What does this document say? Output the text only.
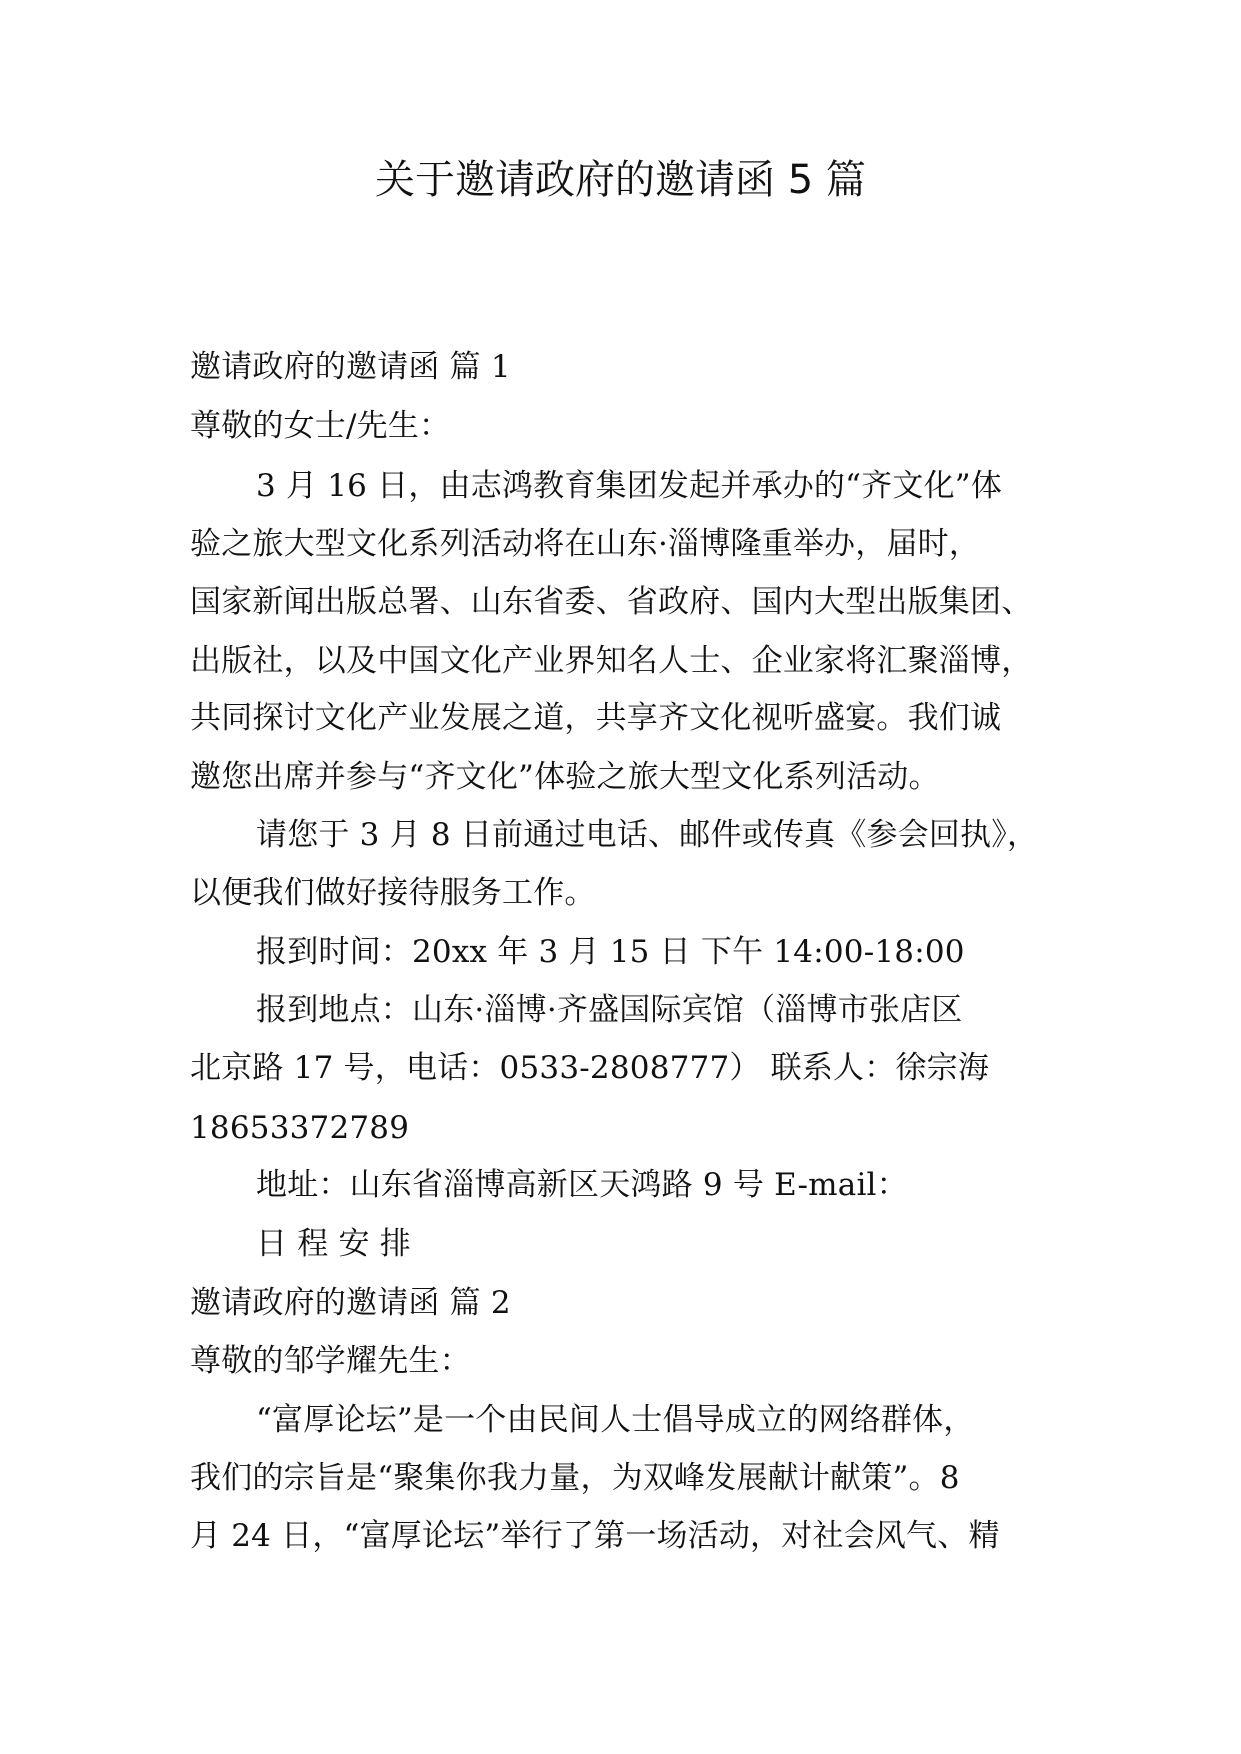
关于邀请政府的邀请函 5 篇
邀请政府的邀请函 篇 1
尊敬的女士/先生：
3 月 16 日，由志鸿教育集团发起并承办的“齐文化”体
验之旅大型文化系列活动将在山东·淄博隆重举办，届时，
国家新闻出版总署、山东省委、省政府、国内大型出版集团、
出版社，以及中国文化产业界知名人士、企业家将汇聚淄博，
共同探讨文化产业发展之道，共享齐文化视听盛宴。我们诚
邀您出席并参与“齐文化”体验之旅大型文化系列活动。
请您于 3 月 8 日前通过电话、邮件或传真《参会回执》，
以便我们做好接待服务工作。
报到时间：20xx 年 3 月 15 日 下午 14:00-18:00
报到地点：山东·淄博·齐盛国际宾馆（淄博市张店区
北京路 17 号，电话：0533-2808777） 联系人：徐宗海
18653372789
地址：山东省淄博高新区天鸿路 9 号 E-mail：
日 程 安 排
邀请政府的邀请函 篇 2
尊敬的邹学耀先生：
“富厚论坛”是一个由民间人士倡导成立的网络群体，
我们的宗旨是“聚集你我力量，为双峰发展献计献策”。8
月 24 日，“富厚论坛”举行了第一场活动，对社会风气、精
